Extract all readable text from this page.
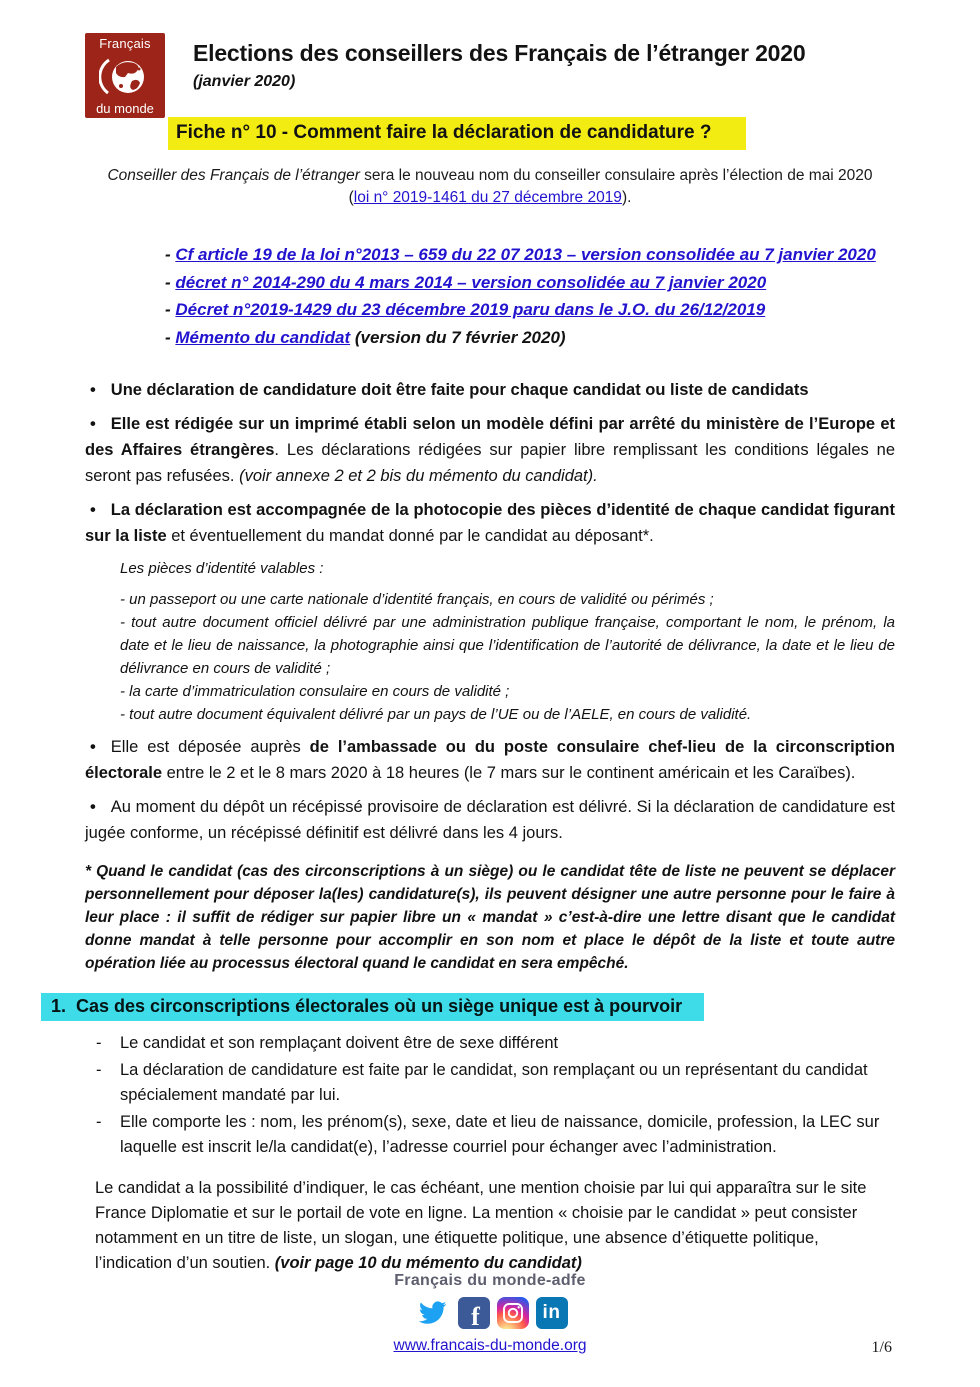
Français
du monde
Elections des conseillers des Français de l’étranger 2020
(janvier 2020)
Fiche n° 10 - Comment faire la déclaration de candidature ?
Conseiller des Français de l’étranger sera le nouveau nom du conseiller consulaire après l’élection de mai 2020
(loi n° 2019-1461 du 27 décembre 2019).
- Cf article 19 de la loi n°2013 – 659 du 22 07 2013 – version consolidée au 7 janvier 2020
- décret n° 2014-290 du 4 mars 2014 – version consolidée au 7 janvier 2020
- Décret n°2019-1429 du 23 décembre 2019 paru dans le J.O. du 26/12/2019
- Mémento du candidat (version du 7 février 2020)

• Une déclaration de candidature doit être faite pour chaque candidat ou liste de candidats

• Elle est rédigée sur un imprimé établi selon un modèle défini par arrêté du ministère de l’Europe et des Affaires étrangères. Les déclarations rédigées sur papier libre remplissant les conditions légales ne seront pas refusées. (voir annexe 2 et 2 bis du mémento du candidat).

• La déclaration est accompagnée de la photocopie des pièces d’identité de chaque candidat figurant sur la liste et éventuellement du mandat donné par le candidat au déposant*.

Les pièces d’identité valables :
- un passeport ou une carte nationale d’identité français, en cours de validité ou périmés ;
- tout autre document officiel délivré par une administration publique française, comportant le nom, le prénom, la date et le lieu de naissance, la photographie ainsi que l’identification de l’autorité de délivrance, la date et le lieu de délivrance en cours de validité ;
- la carte d’immatriculation consulaire en cours de validité ;
- tout autre document équivalent délivré par un pays de l’UE ou de l’AELE, en cours de validité.

• Elle est déposée auprès de l’ambassade ou du poste consulaire chef-lieu de la circonscription électorale entre le 2 et le 8 mars 2020 à 18 heures (le 7 mars sur le continent américain et les Caraïbes).

• Au moment du dépôt un récépissé provisoire de déclaration est délivré. Si la déclaration de candidature est jugée conforme, un récépissé définitif est délivré dans les 4 jours.

* Quand le candidat (cas des circonscriptions à un siège) ou le candidat tête de liste ne peuvent se déplacer personnellement pour déposer la(les) candidature(s), ils peuvent désigner une autre personne pour le faire à leur place : il suffit de rédiger sur papier libre un « mandat » c’est-à-dire une lettre disant que le candidat donne mandat à telle personne pour accomplir en son nom et place le dépôt de la liste et toute autre opération liée au processus électoral quand le candidat en sera empêché.
1.  Cas des circonscriptions électorales où un siège unique est à pourvoir
-	Le candidat et son remplaçant doivent être de sexe différent
-	La déclaration de candidature est faite par le candidat, son remplaçant ou un représentant du candidat spécialement mandaté par lui.
-	Elle comporte les : nom, les prénom(s), sexe, date et lieu de naissance, domicile, profession, la LEC sur laquelle est inscrit le/la candidat(e), l’adresse courriel pour échanger avec l’administration.

Le candidat a la possibilité d’indiquer, le cas échéant, une mention choisie par lui qui apparaîtra sur le site France Diplomatie et sur le portail de vote en ligne. La mention « choisie par le candidat » peut consister notamment en un titre de liste, un slogan, une étiquette politique, une absence d’étiquette politique, l’indication d’un soutien. (voir page 10 du mémento du candidat)

Français du monde-adfe
f	in
www.francais-du-monde.org	1/6
